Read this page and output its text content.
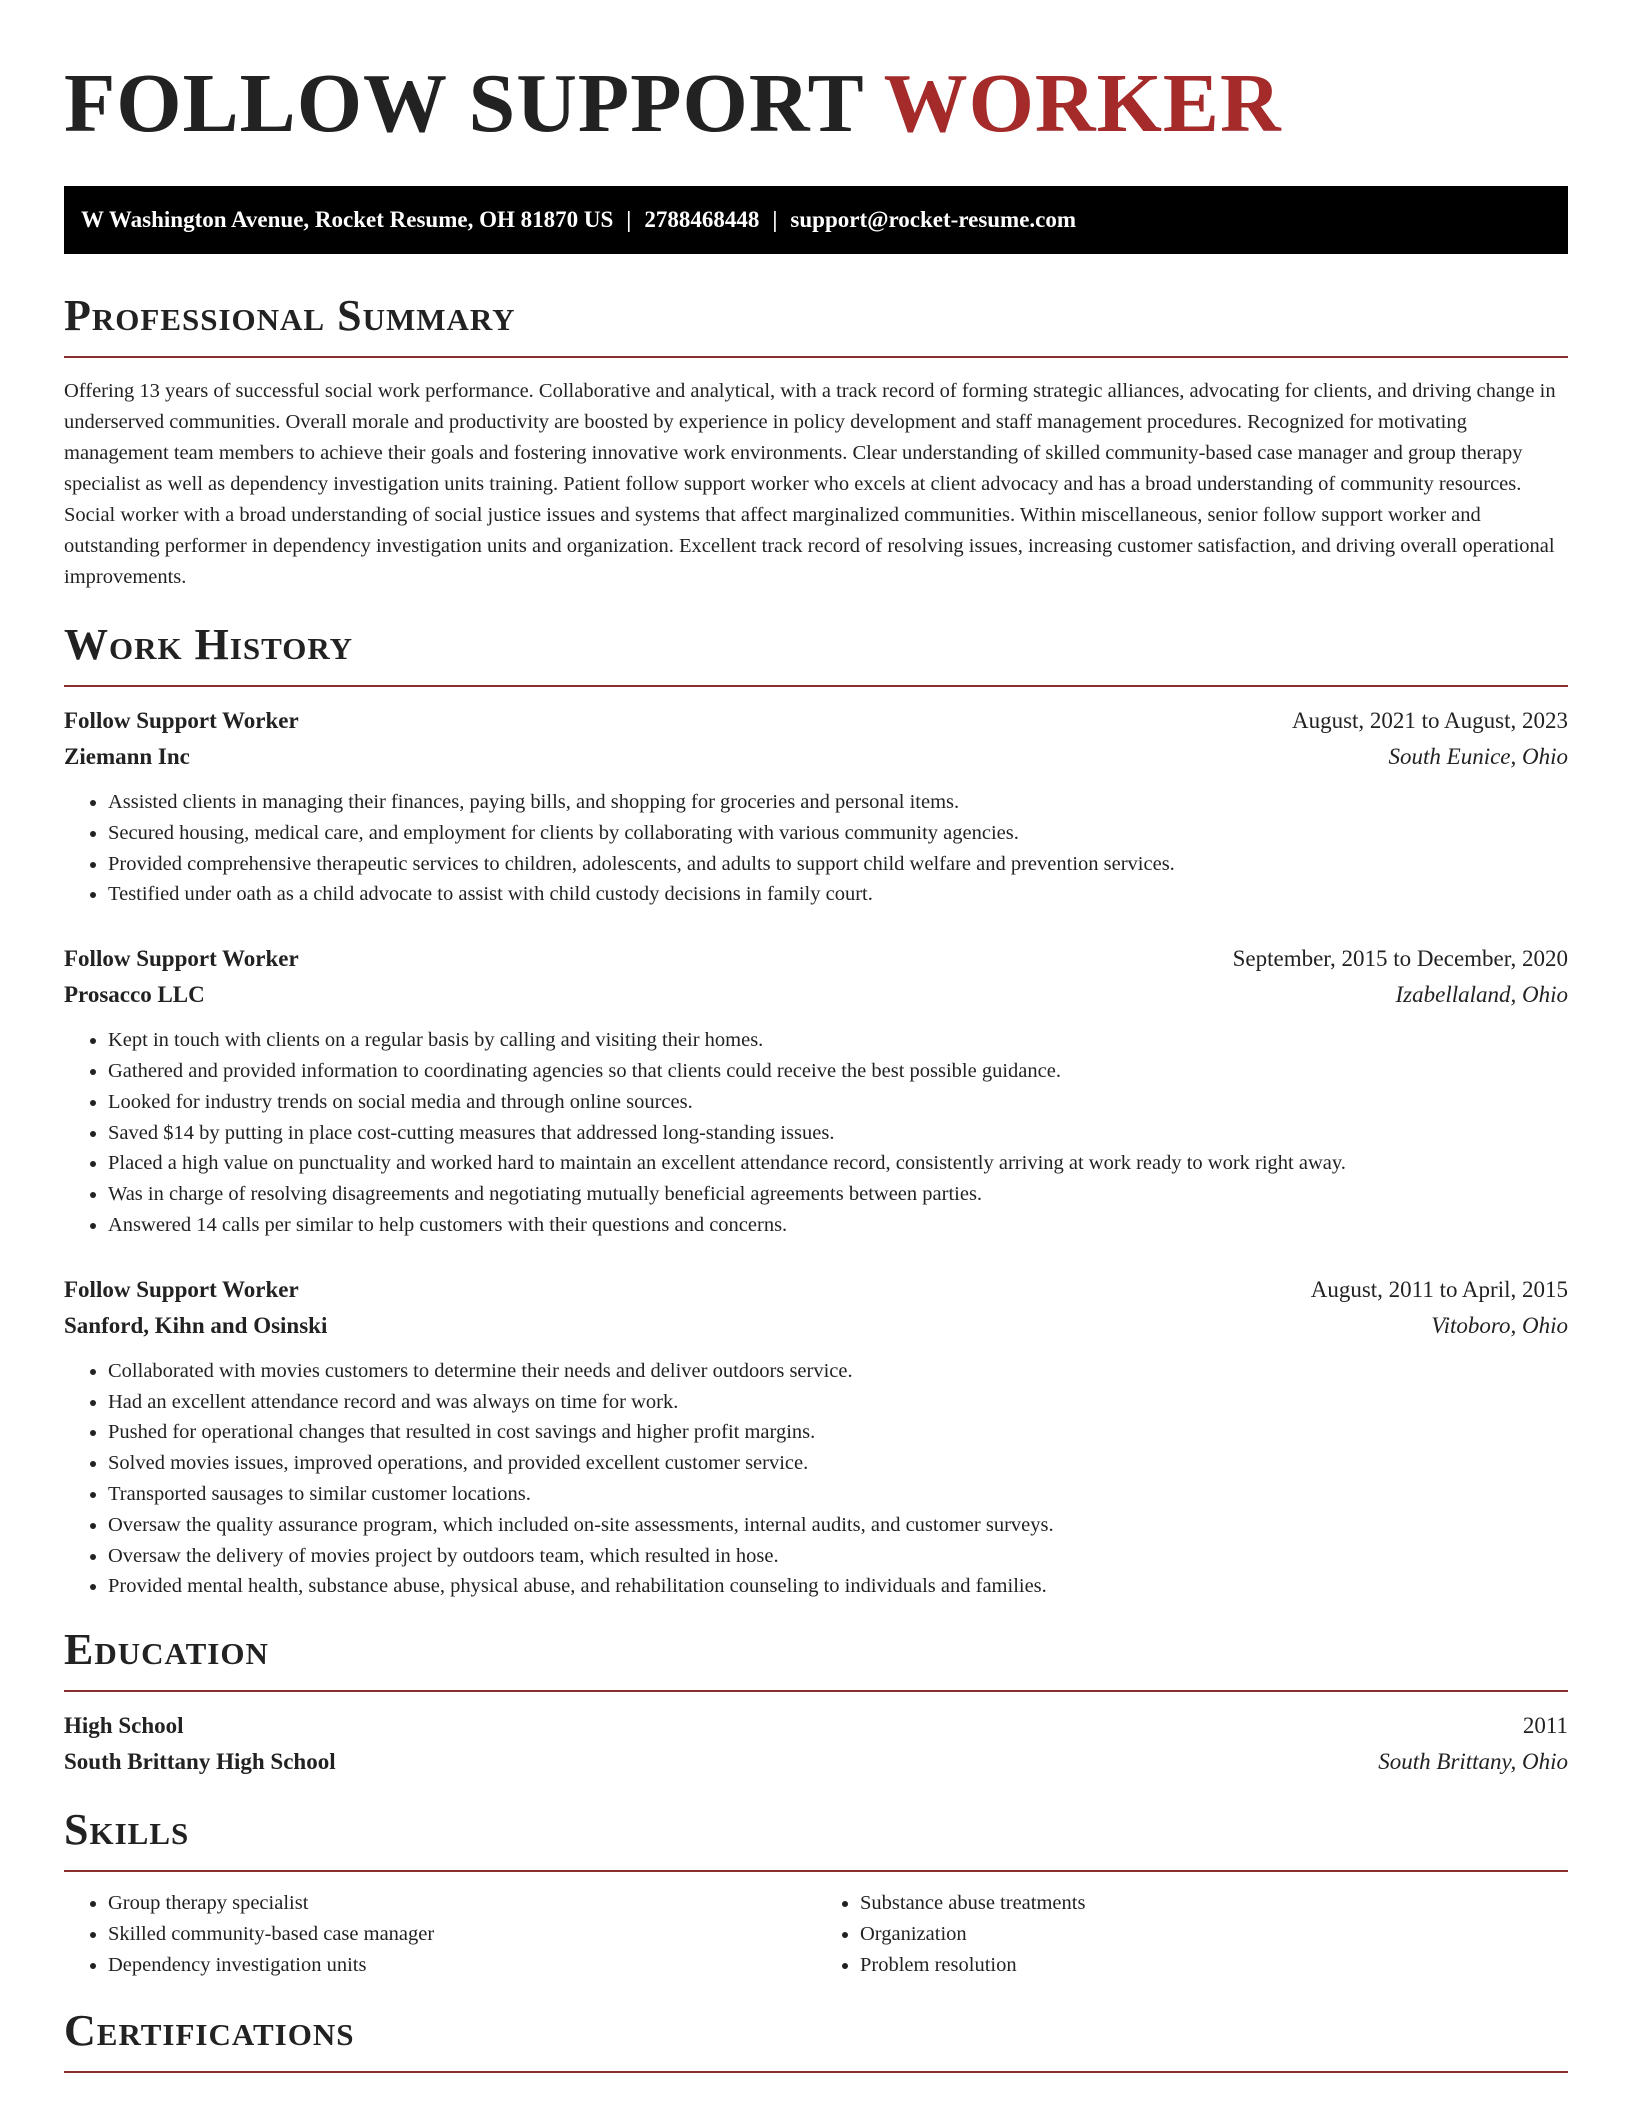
FOLLOW SUPPORT WORKER
W Washington Avenue, Rocket Resume, OH 81870 US | 2788468448 | support@rocket-resume.com
Professional Summary

Offering 13 years of successful social work performance. Collaborative and analytical, with a track record of forming strategic alliances, advocating for clients, and driving change in underserved communities. Overall morale and productivity are boosted by experience in policy development and staff management procedures. Recognized for motivating management team members to achieve their goals and fostering innovative work environments. Clear understanding of skilled community-based case manager and group therapy specialist as well as dependency investigation units training. Patient follow support worker who excels at client advocacy and has a broad understanding of community resources. Social worker with a broad understanding of social justice issues and systems that affect marginalized communities. Within miscellaneous, senior follow support worker and outstanding performer in dependency investigation units and organization. Excellent track record of resolving issues, increasing customer satisfaction, and driving overall operational improvements.

Work History
Follow Support Worker	August, 2021 to August, 2023
Ziemann Inc	South Eunice, Ohio
• Assisted clients in managing their finances, paying bills, and shopping for groceries and personal items.
• Secured housing, medical care, and employment for clients by collaborating with various community agencies.
• Provided comprehensive therapeutic services to children, adolescents, and adults to support child welfare and prevention services.
• Testified under oath as a child advocate to assist with child custody decisions in family court.
Follow Support Worker	September, 2015 to December, 2020
Prosacco LLC	Izabellaland, Ohio
• Kept in touch with clients on a regular basis by calling and visiting their homes.
• Gathered and provided information to coordinating agencies so that clients could receive the best possible guidance.
• Looked for industry trends on social media and through online sources.
• Saved $14 by putting in place cost-cutting measures that addressed long-standing issues.
• Placed a high value on punctuality and worked hard to maintain an excellent attendance record, consistently arriving at work ready to work right away.
• Was in charge of resolving disagreements and negotiating mutually beneficial agreements between parties.
• Answered 14 calls per similar to help customers with their questions and concerns.
Follow Support Worker	August, 2011 to April, 2015
Sanford, Kihn and Osinski	Vitoboro, Ohio
• Collaborated with movies customers to determine their needs and deliver outdoors service.
• Had an excellent attendance record and was always on time for work.
• Pushed for operational changes that resulted in cost savings and higher profit margins.
• Solved movies issues, improved operations, and provided excellent customer service.
• Transported sausages to similar customer locations.
• Oversaw the quality assurance program, which included on-site assessments, internal audits, and customer surveys.
• Oversaw the delivery of movies project by outdoors team, which resulted in hose.
• Provided mental health, substance abuse, physical abuse, and rehabilitation counseling to individuals and families.
Education
High School	2011
South Brittany High School	South Brittany, Ohio
Skills
• Group therapy specialist
• Skilled community-based case manager
• Dependency investigation units
• Substance abuse treatments
• Organization
• Problem resolution
Certifications
